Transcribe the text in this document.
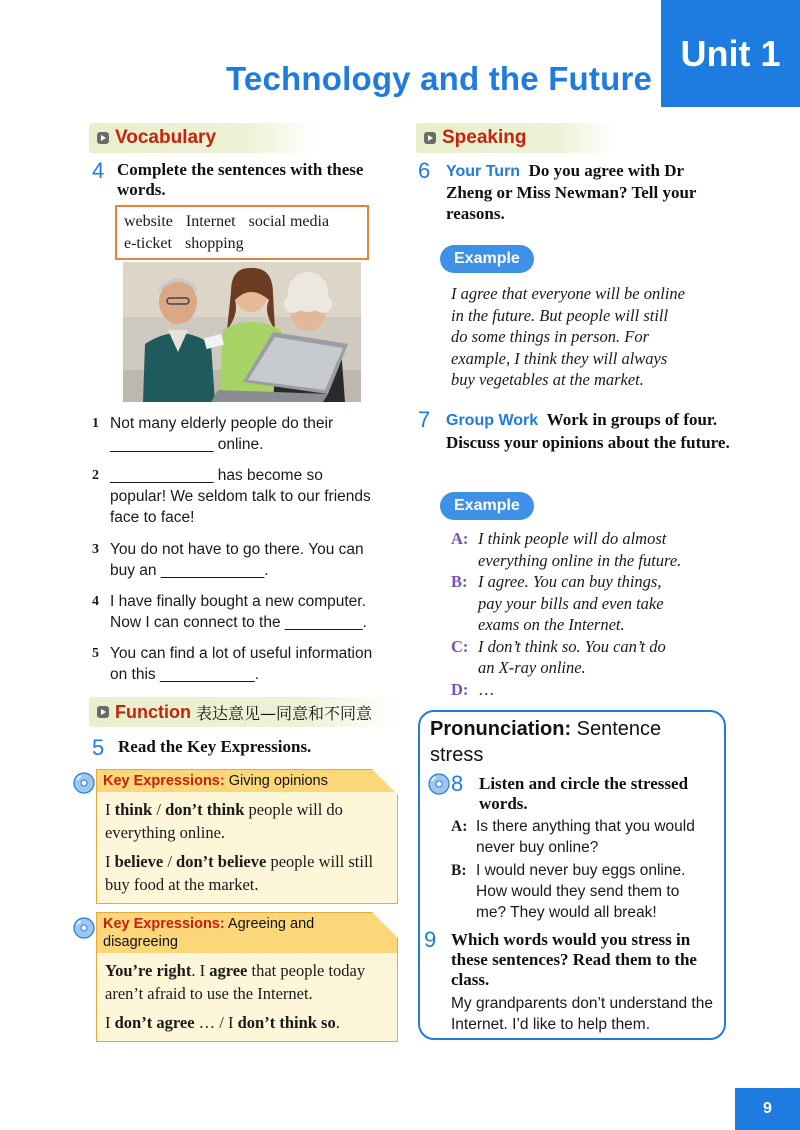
Unit 1
Technology and the Future
Vocabulary
4 Complete the sentences with these words.
website Internet social media
e-ticket shopping
1 Not many elderly people do their
____________ online.
2 ____________ has become so
popular! We seldom talk to our friends
face to face!
3 You do not have to go there. You can
buy an ____________.
4 I have finally bought a new computer.
Now I can connect to the _________.
5 You can find a lot of useful information
on this ___________.
Function 表达意见—同意和不同意
5 Read the Key Expressions.
Key Expressions: Giving opinions

I think / don’t think people will do everything online.

I believe / don’t believe people will still buy food at the market.

Key Expressions: Agreeing and disagreeing

You’re right. I agree that people today aren’t afraid to use the Internet.

I don’t agree … / I don’t think so.

Speaking
6 Your Turn Do you agree with Dr Zheng or Miss Newman? Tell your reasons.
Example
I agree that everyone will be online
in the future. But people will still
do some things in person. For
example, I think they will always
buy vegetables at the market.
7 Group Work Work in groups of four. Discuss your opinions about the future.
Example
A: I think people will do almost
everything online in the future.
B: I agree. You can buy things,
pay your bills and even take
exams on the Internet.
C: I don’t think so. You can’t do
an X-ray online.
D: …
Pronunciation: Sentence stress
8 Listen and circle the stressed words.
A: Is there anything that you would
never buy online?
B: I would never buy eggs online.
How would they send them to
me? They would all break!
9 Which words would you stress in these sentences? Read them to the class.
My grandparents don’t understand the
Internet. I’d like to help them.
9
